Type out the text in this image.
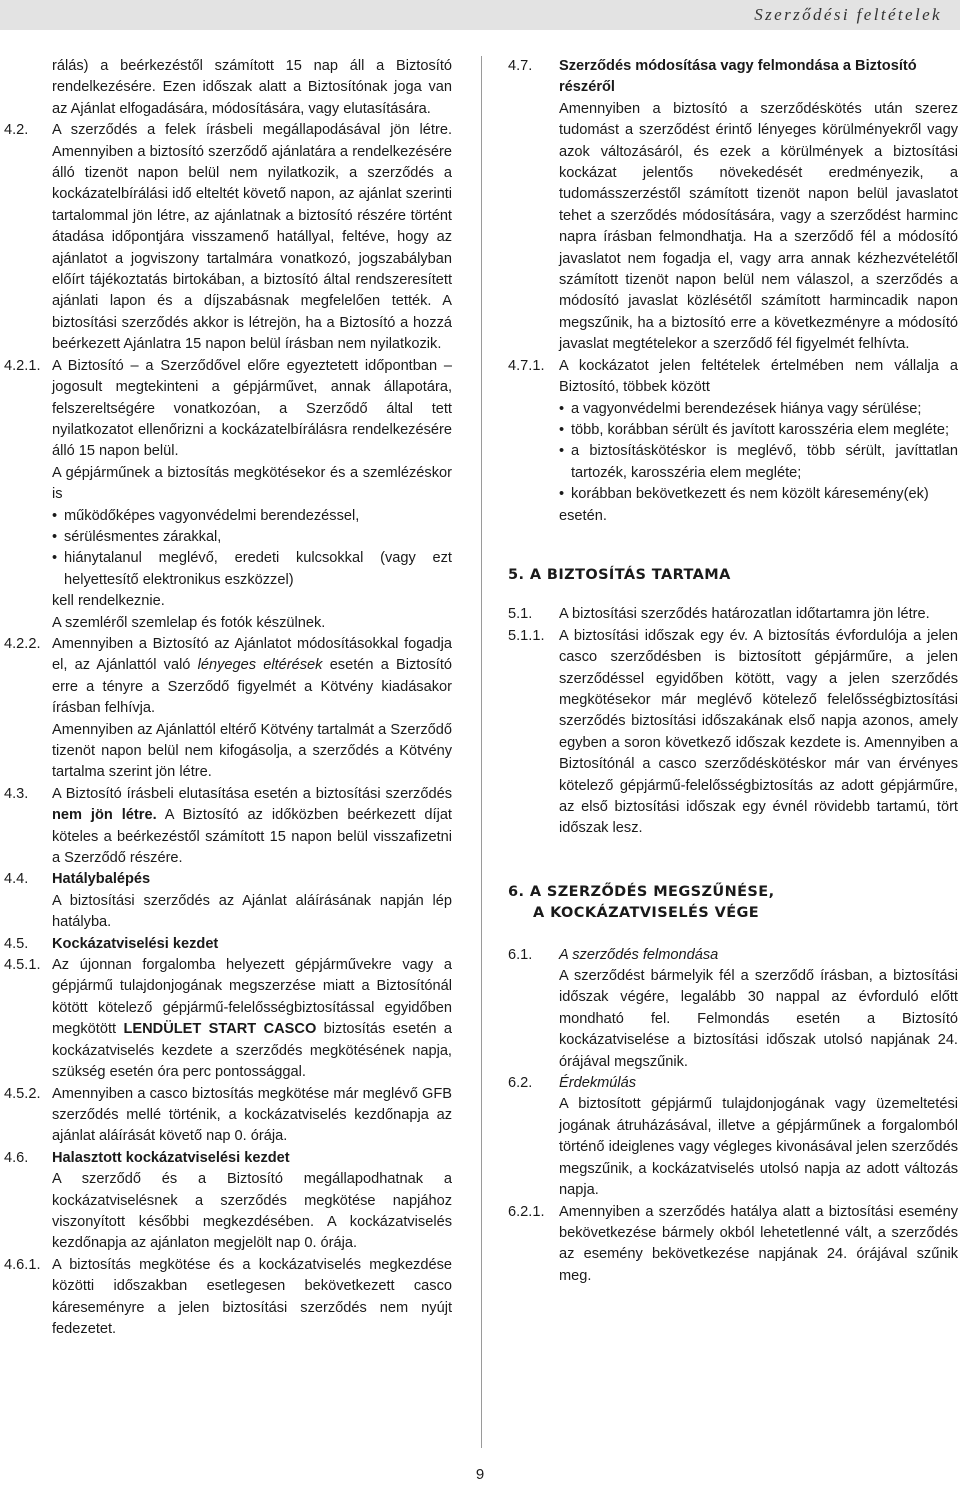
Szerződési feltételek

rálás) a beérkezéstől számított 15 nap áll a Biztosító rendelkezésére. Ezen időszak alatt a Biztosítónak joga van az Ajánlat elfogadására, módosítására, vagy elutasítására.

4.2. A szerződés a felek írásbeli megállapodásával jön létre. Amennyiben a biztosító szerződő ajánlatára a rendelkezésére álló tizenöt napon belül nem nyilatkozik, a szerződés a kockázatelbírálási idő elteltét követő napon, az ajánlat szerinti tartalommal jön létre, az ajánlatnak a biztosító részére történt átadása időpontjára visszamenő hatállyal, feltéve, hogy az ajánlatot a jogviszony tartalmára vonatkozó, jogszabályban előírt tájékoztatás birtokában, a biztosító által rendszeresített ajánlati lapon és a díjszabásnak megfelelően tették. A biztosítási szerződés akkor is létrejön, ha a Biztosító a hozzá beérkezett Ajánlatra 15 napon belül írásban nem nyilatkozik.
4.2.1. A Biztosító – a Szerződővel előre egyeztetett időpontban – jogosult megtekinteni a gépjárművet, annak állapotára, felszereltségére vonatkozóan, a Szerződő által tett nyilatkozatot ellenőrizni a kockázatelbírálásra rendelkezésére álló 15 napon belül.

A gépjárműnek a biztosítás megkötésekor és a szemlézéskor is

• működőképes vagyonvédelmi berendezéssel,
• sérülésmentes zárakkal,
• hiánytalanul meglévő, eredeti kulcsokkal (vagy ezt helyettesítő elektronikus eszközzel)

kell rendelkeznie.

A szemléről szemlelap és fotók készülnek.

4.2.2. Amennyiben a Biztosító az Ajánlatot módosításokkal fogadja el, az Ajánlattól való lényeges eltérések esetén a Biztosító erre a tényre a Szerződő figyelmét a Kötvény kiadásakor írásban felhívja.

Amennyiben az Ajánlattól eltérő Kötvény tartalmát a Szerződő tizenöt napon belül nem kifogásolja, a szerződés a Kötvény tartalma szerint jön létre.

4.3. A Biztosító írásbeli elutasítása esetén a biztosítási szerződés nem jön létre. A Biztosító az időközben beérkezett díjat köteles a beérkezéstől számított 15 napon belül visszafizetni a Szerződő részére.
4.4. Hatálybalépés

A biztosítási szerződés az Ajánlat aláírásának napján lép hatályba.

4.5. Kockázatviselési kezdet
4.5.1. Az újonnan forgalomba helyezett gépjárművekre vagy a gépjármű tulajdonjogának megszerzése miatt a Biztosítónál kötött kötelező gépjármű-felelősségbiztosítással egyidőben megkötött LENDÜLET START CASCO biztosítás esetén a kockázatviselés kezdete a szerződés megkötésének napja, szükség esetén óra perc pontossággal.
4.5.2. Amennyiben a casco biztosítás megkötése már meglévő GFB szerződés mellé történik, a kockázatviselés kezdőnapja az ajánlat aláírását követő nap 0. órája.
4.6. Halasztott kockázatviselési kezdet

A szerződő és a Biztosító megállapodhatnak a kockázatviselésnek a szerződés megkötése napjához viszonyított későbbi megkezdésében. A kockázatviselés kezdőnapja az ajánlaton megjelölt nap 0. órája.

4.6.1. A biztosítás megkötése és a kockázatviselés megkezdése közötti időszakban esetlegesen bekövetkezett casco káreseményre a jelen biztosítási szerződés nem nyújt fedezetet.
4.7. Szerződés módosítása vagy felmondása a Biztosító részéről

Amennyiben a biztosító a szerződéskötés után szerez tudomást a szerződést érintő lényeges körülményekről vagy azok változásáról, és ezek a körülmények a biztosítási kockázat jelentős növekedését eredményezik, a tudomásszerzéstől számított tizenöt napon belül javaslatot tehet a szerződés módosítására, vagy a szerződést harminc napra írásban felmondhatja. Ha a szerződő fél a módosító javaslatot nem fogadja el, vagy arra annak kézhezvételétől számított tizenöt napon belül nem válaszol, a szerződés a módosító javaslat közlésétől számított harmincadik napon megszűnik, ha a biztosító erre a következményre a módosító javaslat megtételekor a szerződő fél figyelmét felhívta.

4.7.1. A kockázatot jelen feltételek értelmében nem vállalja a Biztosító, többek között
• a vagyonvédelmi berendezések hiánya vagy sérülése;
• több, korábban sérült és javított karosszéria elem megléte;
• a biztosításkötéskor is meglévő, több sérült, javíttatlan tartozék, karosszéria elem megléte;
• korábban bekövetkezett és nem közölt káresemény(ek)

esetén.

5. A BIZTOSÍTÁS TARTAMA
5.1. A biztosítási szerződés határozatlan időtartamra jön létre.
5.1.1. A biztosítási időszak egy év. A biztosítás évfordulója a jelen casco szerződésben is biztosított gépjárműre, a jelen szerződéssel egyidőben kötött, vagy a jelen szerződés megkötésekor már meglévő kötelező felelősségbiztosítási szerződés biztosítási időszakának első napja azonos, amely egyben a soron következő időszak kezdete is. Amennyiben a Biztosítónál a casco szerződéskötéskor már van érvényes kötelező gépjármű-felelősségbiztosítás az adott gépjárműre, az első biztosítási időszak egy évnél rövidebb tartamú, tört időszak lesz.
6. A SZERZŐDÉS MEGSZŰNÉSE,
A KOCKÁZATVISELÉS VÉGE
6.1. A szerződés felmondása

A szerződést bármelyik fél a szerződő írásban, a biztosítási időszak végére, legalább 30 nappal az évforduló előtt mondható fel. Felmondás esetén a Biztosító kockázatviselése a biztosítási időszak utolsó napjának 24. órájával megszűnik.

6.2. Érdekmúlás

A biztosított gépjármű tulajdonjogának vagy üzemeltetési jogának átruházásával, illetve a gépjárműnek a forgalomból történő ideiglenes vagy végleges kivonásával jelen szerződés megszűnik, a kockázatviselés utolsó napja az adott változás napja.

6.2.1. Amennyiben a szerződés hatálya alatt a biztosítási esemény bekövetkezése bármely okból lehetetlenné vált, a szerződés az esemény bekövetkezése napjának 24. órájával szűnik meg.
9
